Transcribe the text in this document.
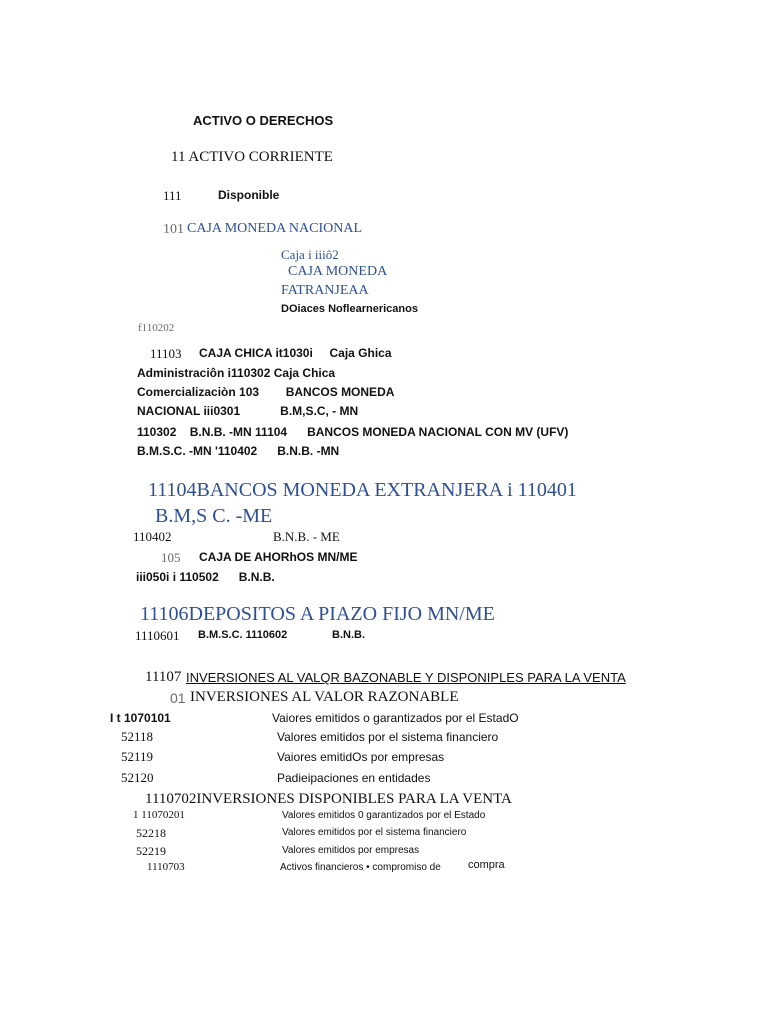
ACTIVO O DERECHOS
11 ACTIVO CORRIENTE
111	Disponible
101 CAJA MONEDA NACIONAL
Caja i iiiô2
CAJA MONEDA
FATRANJEAA
DOiaces Noflearnericanos
f110202
11103 CAJA CHICA it1030i     Caja Ghica
Administraciôn i110302 Caja Chica
Comercializaciòn 103        BANCOS MONEDA
NACIONAL iii0301            B.M,S.C, - MN
110302    B.N.B. -MN 11104      BANCOS MONEDA NACIONAL CON MV (UFV)
B.M.S.C. -MN '110402      B.N.B. -MN
11104BANCOS MONEDA EXTRANJERA i 110401
B.M,S C. -ME
110402	B.N.B. - ME
105 CAJA DE AHORhOS MN/ME
iii050i i 110502      B.N.B.
11106DEPOSITOS A PIAZO FIJO MN/ME
1110601 B.M.S.C. 1110602	B.N.B.
11107 INVERSIONES AL VALQR BAZONABLE Y DISPONIPLES PARA LA VENTA
01 INVERSIONES AL VALOR RAZONABLE
I t 1070101	Vaiores emitidos o garantizados por el EstadO
52118	Valores emitidos por el sistema financiero
52119	Vaiores emitidOs por empresas
52120	Padieipaciones en entidades
1110702INVERSIONES DISPONIBLES PARA LA VENTA
1 11070201	Valores emitidos 0 garantizados por el Estado
52218	Valores emitidos por el sistema financiero
52219	Valores emitidos por empresas
1110703	Activos financieros • compromiso de compra
